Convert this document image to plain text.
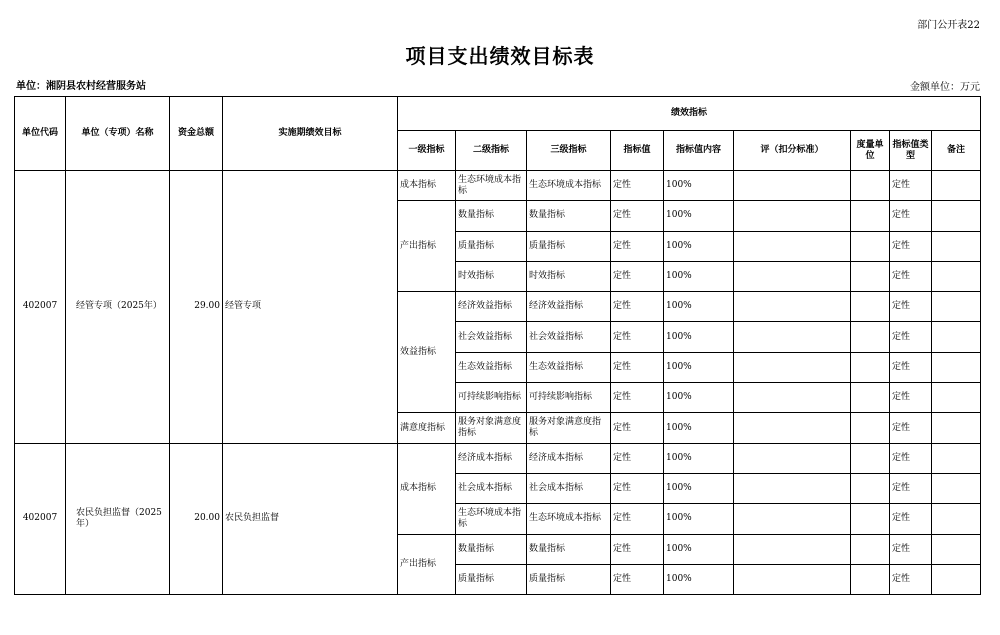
部门公开表22
项目支出绩效目标表
单位：湘阴县农村经营服务站	金额单位：万元
单位代码	单位（专项）名称	资金总额	实施期绩效目标	绩效指标								
				一级指标	二级指标	三级指标	指标值	指标值内容	评（扣分标准）	度量单位	指标值类型	备注
402007	经管专项（2025年）	29.00	经管专项	成本指标	生态环境成本指标	生态环境成本指标	定性	100%			定性	
				产出指标	数量指标	数量指标	定性	100%			定性	
					质量指标	质量指标	定性	100%			定性	
					时效指标	时效指标	定性	100%			定性	
				效益指标	经济效益指标	经济效益指标	定性	100%			定性	
					社会效益指标	社会效益指标	定性	100%			定性	
					生态效益指标	生态效益指标	定性	100%			定性	
					可持续影响指标	可持续影响指标	定性	100%			定性	
				满意度指标	服务对象满意度指标	服务对象满意度指标	定性	100%			定性	
402007	农民负担监督（2025年）	20.00	农民负担监督	成本指标	经济成本指标	经济成本指标	定性	100%			定性	
					社会成本指标	社会成本指标	定性	100%			定性	
					生态环境成本指标	生态环境成本指标	定性	100%			定性	
				产出指标	数量指标	数量指标	定性	100%			定性	
					质量指标	质量指标	定性	100%			定性	
